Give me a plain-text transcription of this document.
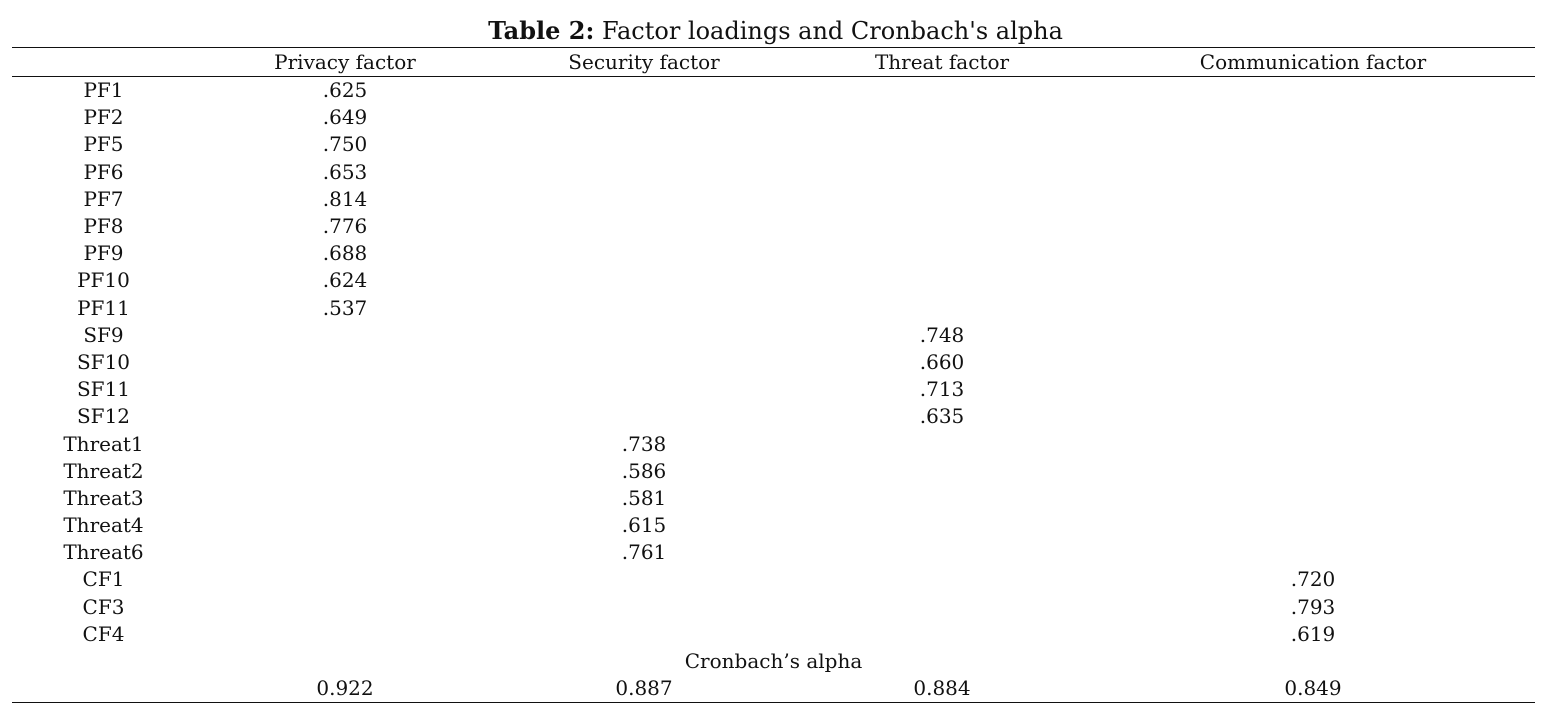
Table 2: Factor loadings and Cronbach's alpha
	Privacy factor	Security factor	Threat factor	Communication factor
PF1	.625			
PF2	.649			
PF5	.750			
PF6	.653			
PF7	.814			
PF8	.776			
PF9	.688			
PF10	.624			
PF11	.537			
SF9			.748	
SF10			.660	
SF11			.713	
SF12			.635	
Threat1		.738		
Threat2		.586		
Threat3		.581		
Threat4		.615		
Threat6		.761		
CF1				.720
CF3				.793
CF4				.619
Cronbach’s alpha				
	0.922	0.887	0.884	0.849
